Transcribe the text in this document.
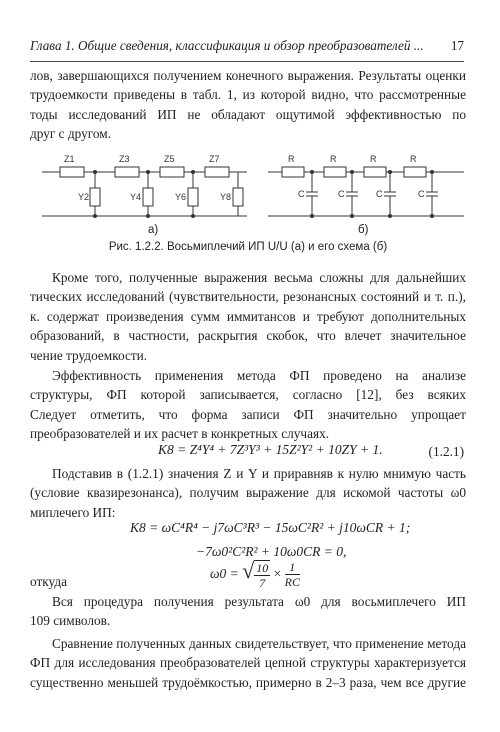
Глава 1. Общие сведения, классификация и обзор преобразователей ... 17
лов, завершающихся получением конечного выражения. Результаты оценки
трудоемкости приведены в табл. 1, из которой видно, что рассмотренные
тоды исследований ИП не обладают ощутимой эффективностью по
друг с другом.
Z1	Z3	Z5	Z7
Y2	Y4	Y6	Y8
R	R	R	R
C	C	C	C
а)	б)
Рис. 1.2.2. Восьмиплечий ИП U/U (а) и его схема (б)
Кроме того, полученные выражения весьма сложны для дальнейших
тических исследований (чувствительности, резонансных состояний и т. п.),
к. содержат произведения сумм иммитансов и требуют дополнительных
образований, в частности, раскрытия скобок, что влечет значительное
чение трудоемкости.
Эффективность применения метода ФП проведено на анализе
структуры, ФП которой записывается, согласно [12], без всяких
Следует отметить, что форма записи ФП значительно упрощает
преобразователей и их расчет в конкретных случаях.
K8 = Z⁴Y⁴ + 7Z³Y³ + 15Z²Y² + 10ZY + 1.	(1.2.1)
Подставив в (1.2.1) значения Z и Y и приравняв к нулю мнимую часть
(условие квазирезонанса), получим выражение для искомой частоты ω0
миплечего ИП:
K8 = ωC⁴R⁴ − j7ωC³R³ − 15ωC²R² + j10ωCR + 1;
−7ω0²C²R² + 10ω0CR = 0,
откуда
ω0 = √ $\frac{10}{7} \times \frac{1}{RC}$
Вся процедура получения результата ω0 для восьмиплечего ИП
109 символов.
Сравнение полученных данных свидетельствует, что применение метода
ФП для исследования преобразователей цепной структуры характеризуется
существенно меньшей трудоёмкостью, примерно в 2–3 раза, чем все другие
